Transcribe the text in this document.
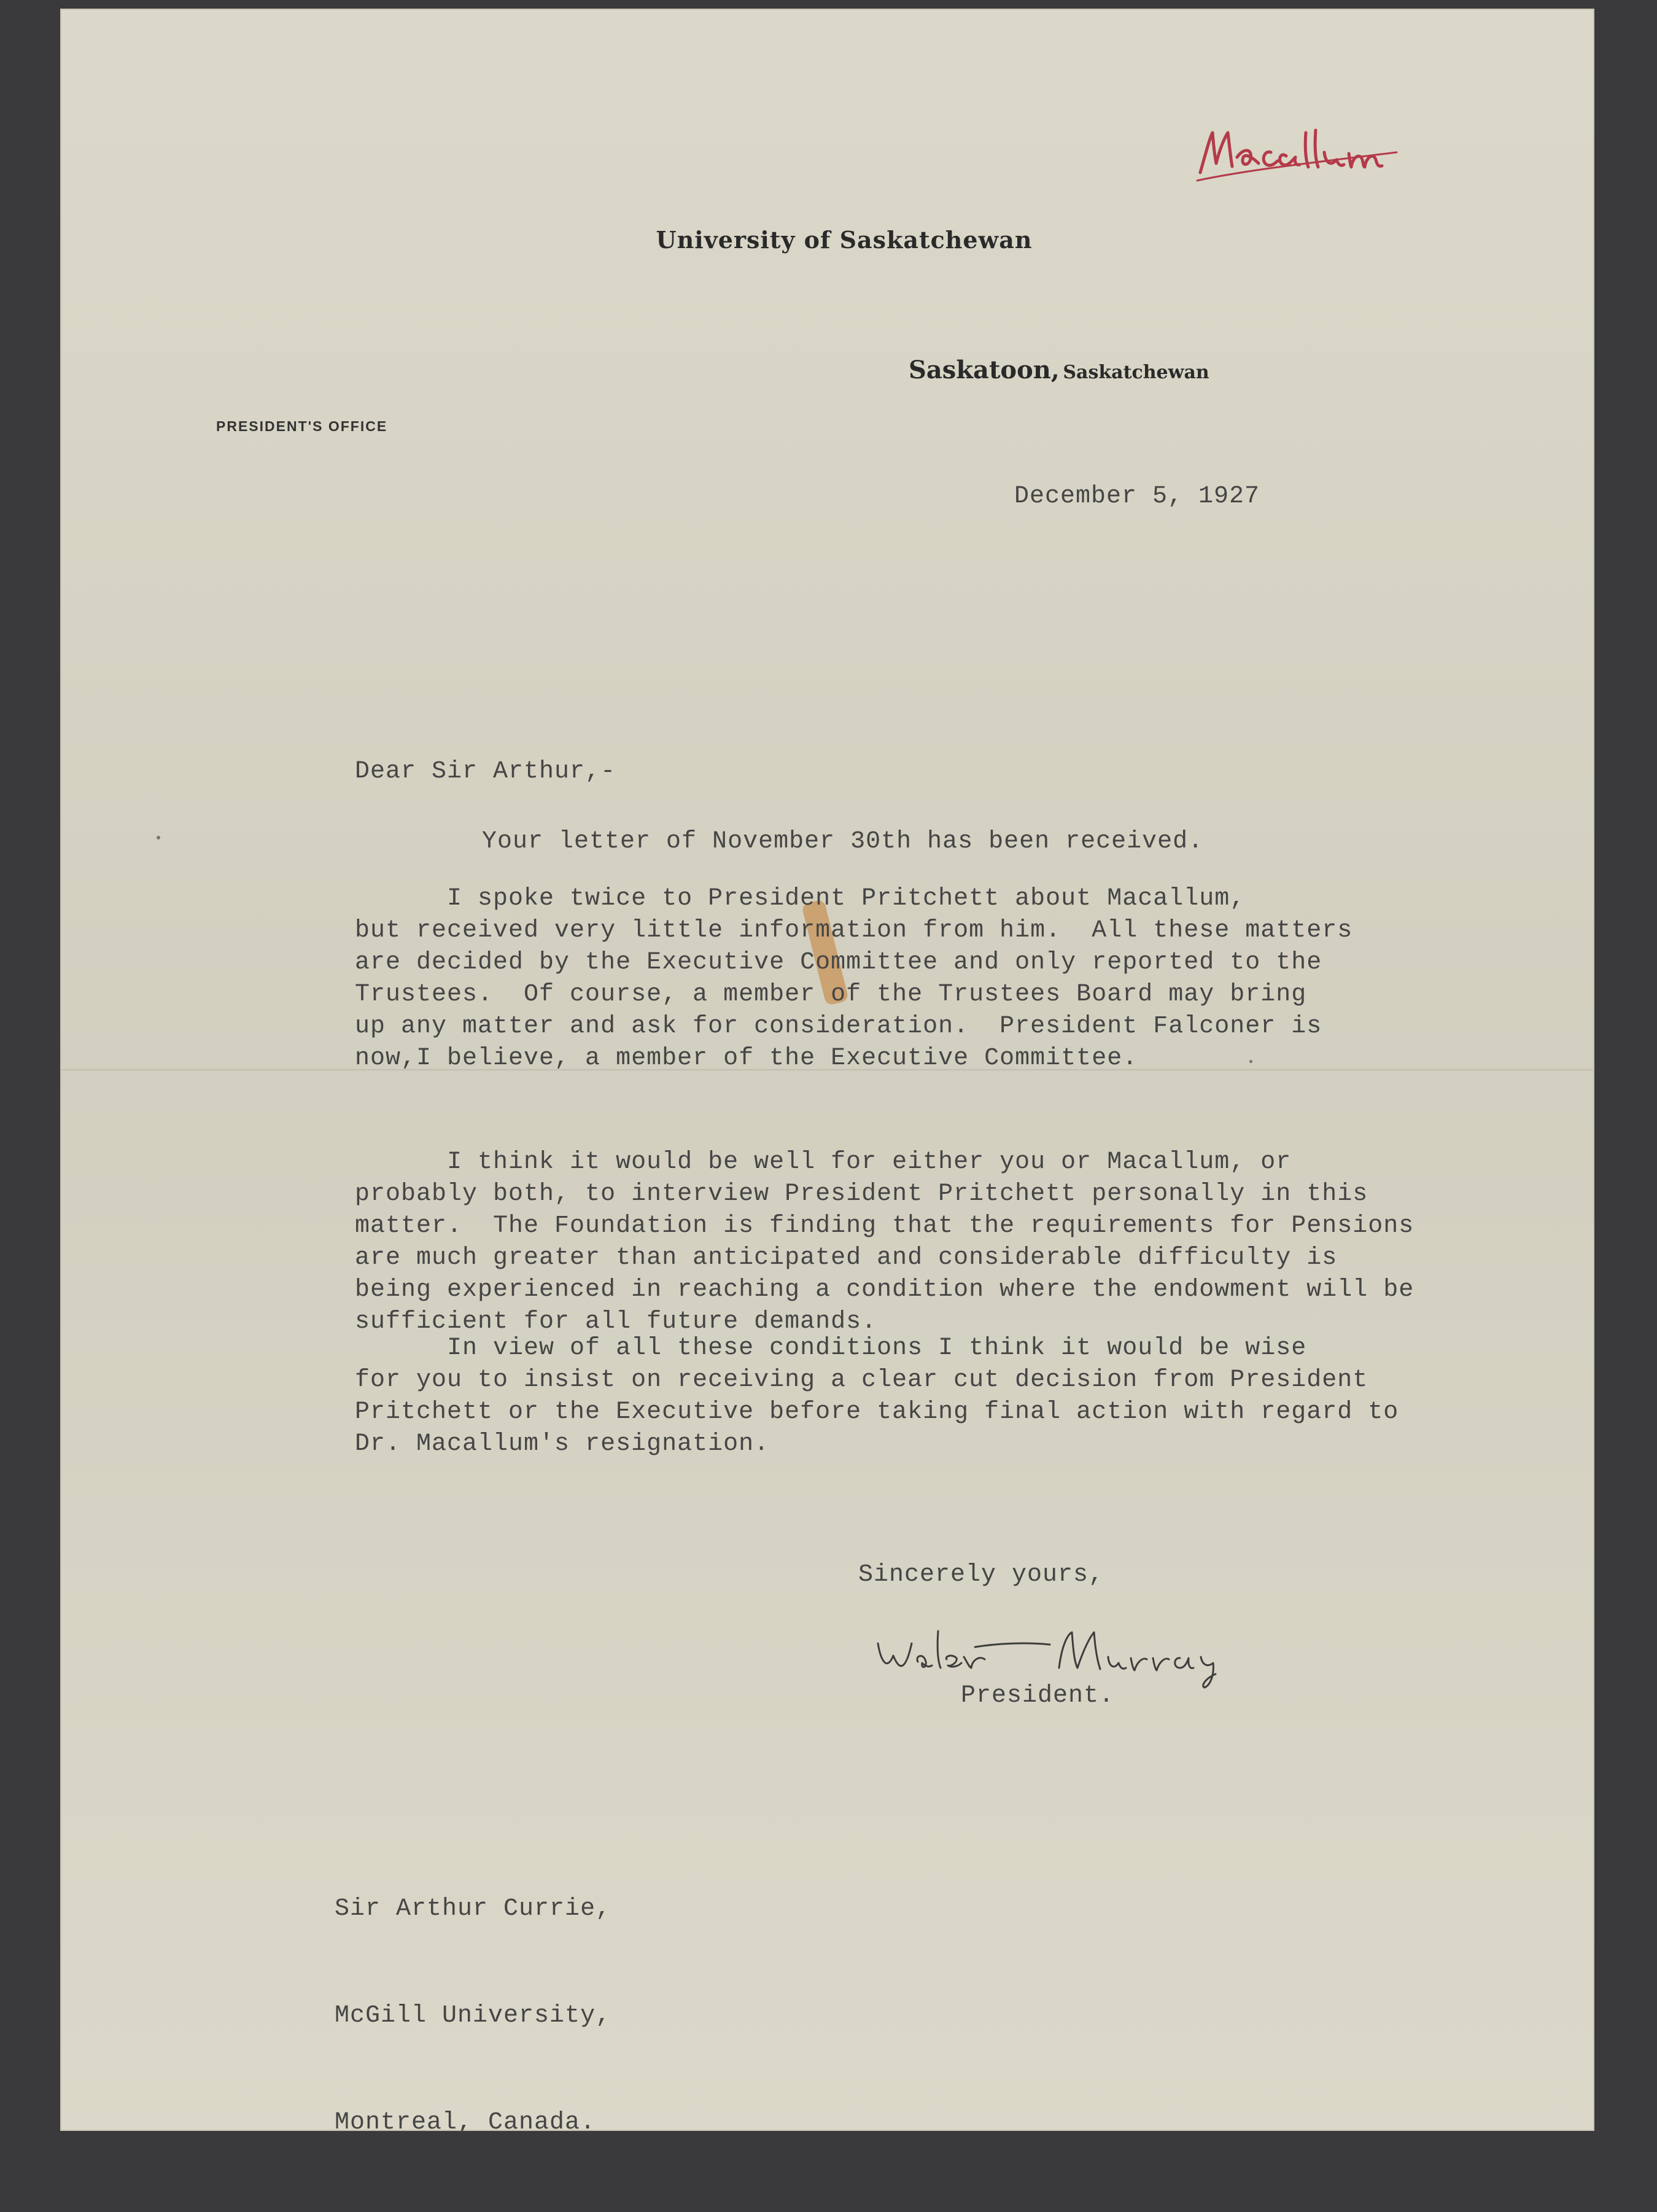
University of Saskatchewan
Saskatoon, Saskatchewan
PRESIDENT'S OFFICE
December 5, 1927
Dear Sir Arthur,-
Your letter of November 30th has been received.
I spoke twice to President Pritchett about Macallum,
but received very little information from him.  All these matters
are decided by the Executive Committee and only reported to the
Trustees.  Of course, a member of the Trustees Board may bring
up any matter and ask for consideration.  President Falconer is
now,I believe, a member of the Executive Committee.
I think it would be well for either you or Macallum, or
probably both, to interview President Pritchett personally in this
matter.  The Foundation is finding that the requirements for Pensions
are much greater than anticipated and considerable difficulty is
being experienced in reaching a condition where the endowment will be
sufficient for all future demands.
In view of all these conditions I think it would be wise
for you to insist on receiving a clear cut decision from President
Pritchett or the Executive before taking final action with regard to
Dr. Macallum's resignation.
Sincerely yours,
President.

Sir Arthur Currie,

McGill University,

Montreal, Canada.
